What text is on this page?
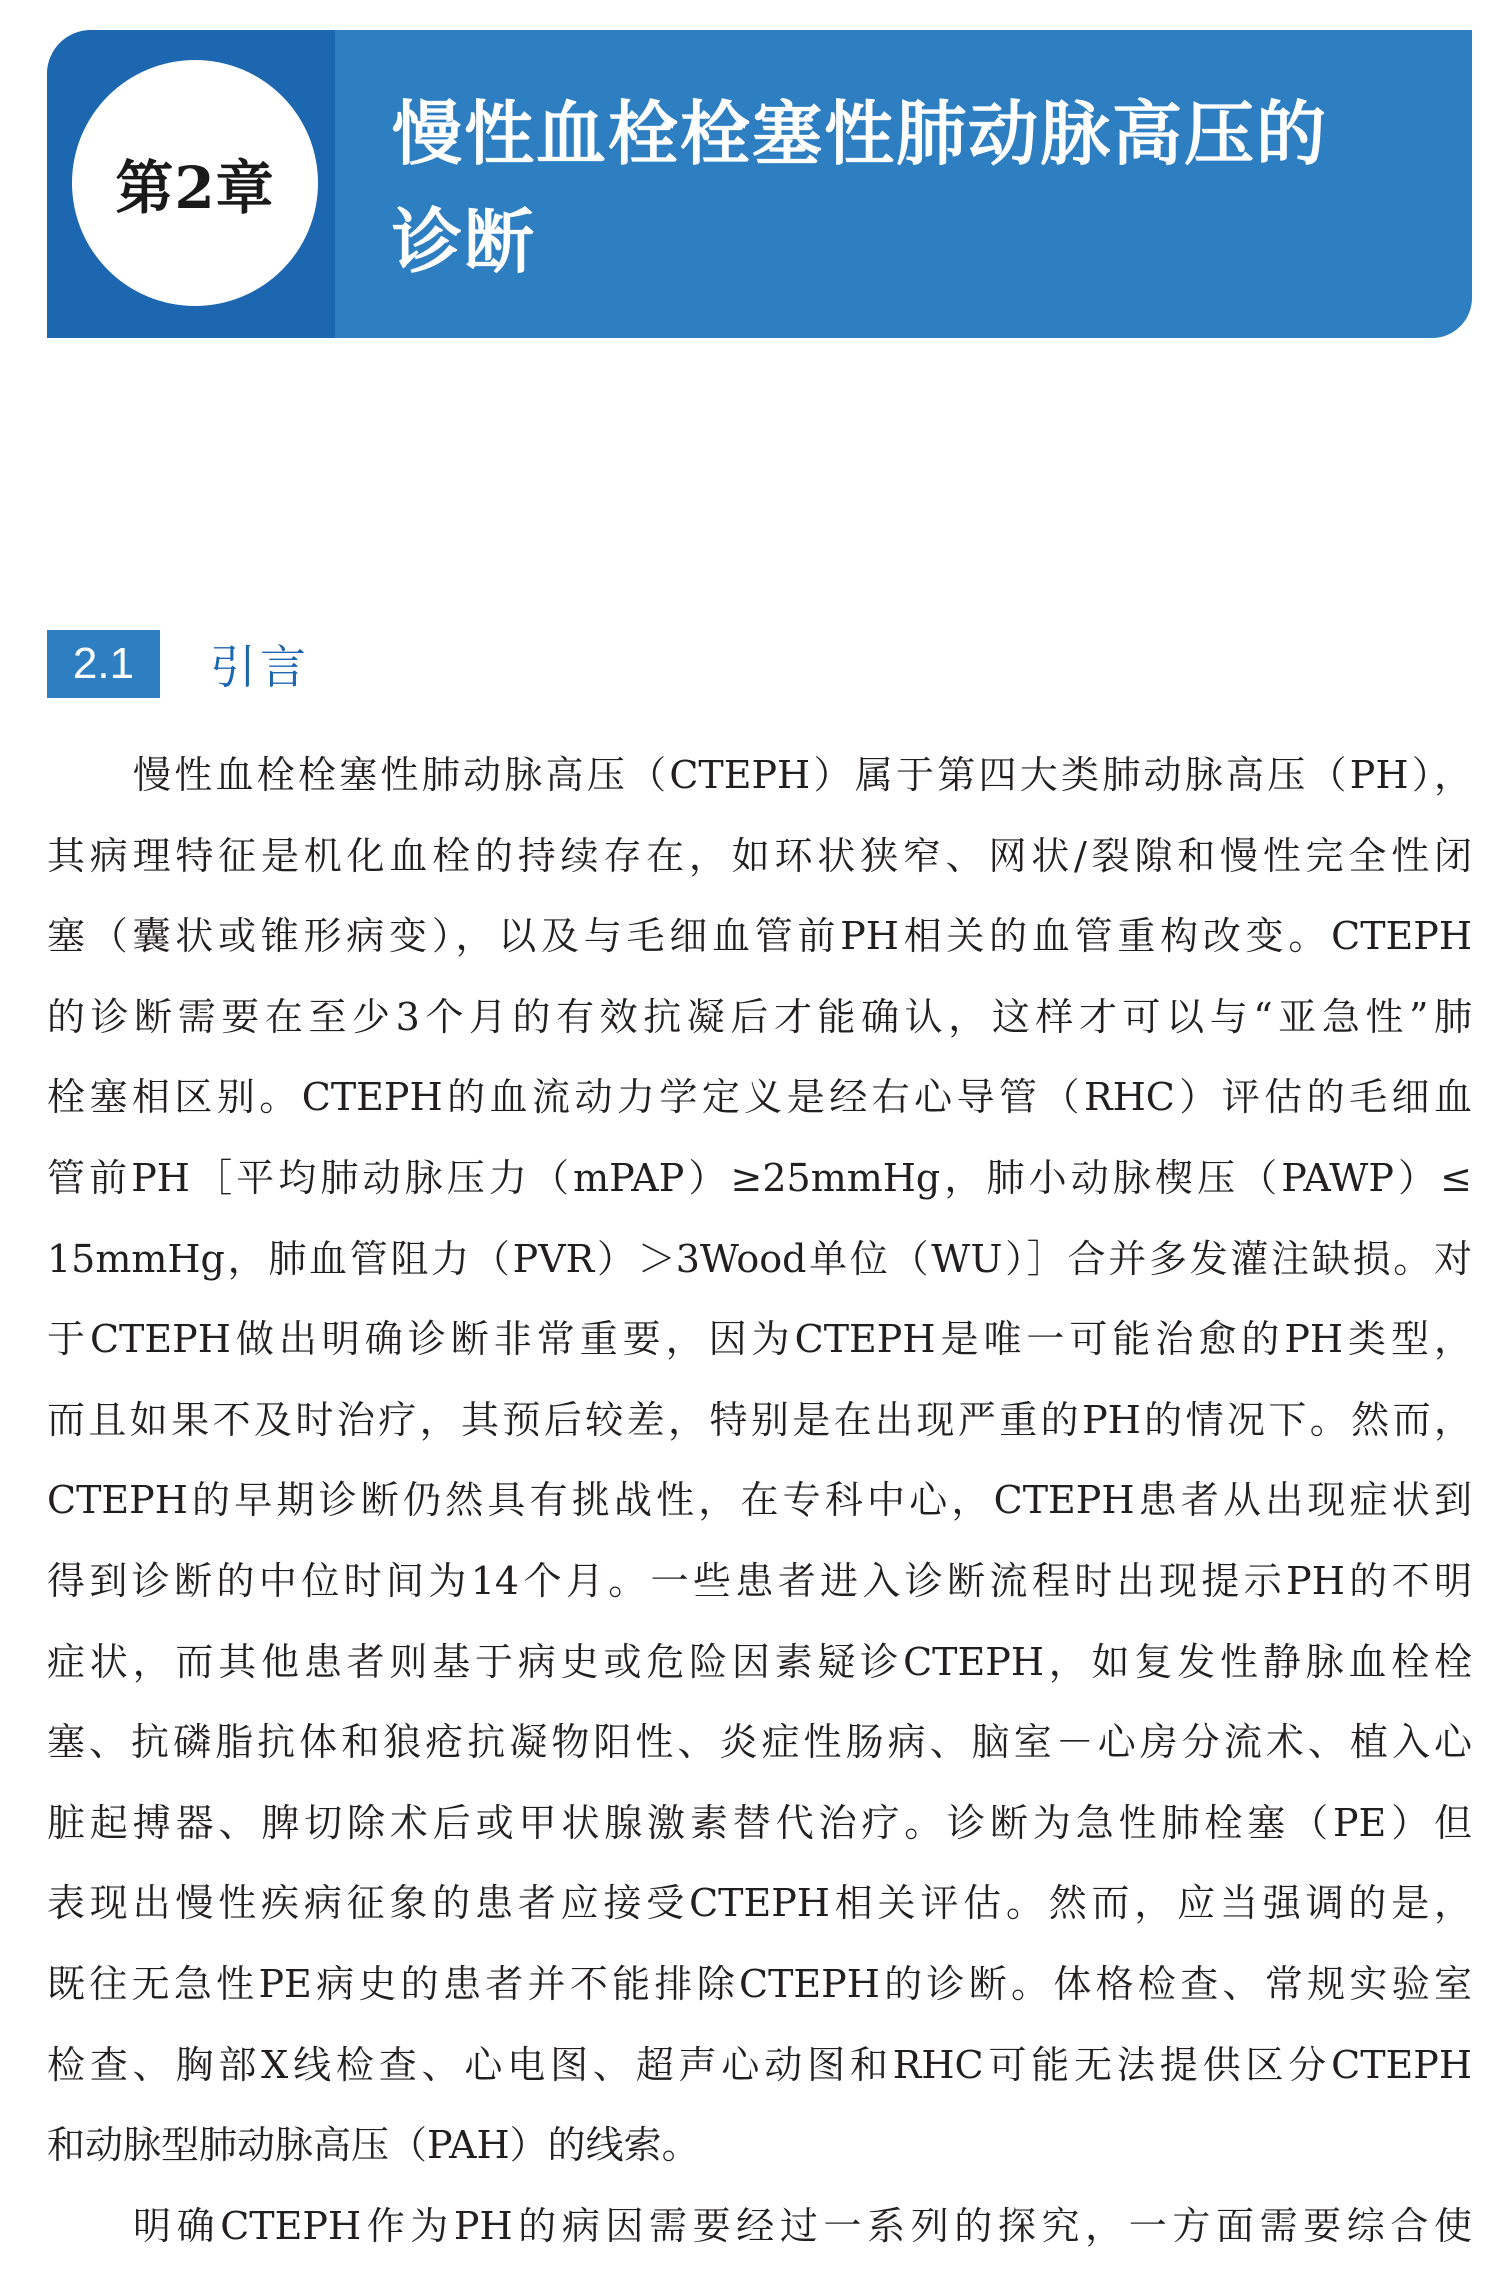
第2章
慢性血栓栓塞性肺动脉高压的
诊断
2.1	引言
慢性血栓栓塞性肺动脉高压（CTEPH）属于第四大类肺动脉高压（PH），
其病理特征是机化血栓的持续存在，如环状狭窄、网状/裂隙和慢性完全性闭
塞（囊状或锥形病变），以及与毛细血管前PH相关的血管重构改变。CTEPH
的诊断需要在至少3个月的有效抗凝后才能确认，这样才可以与“亚急性”肺
栓塞相区别。CTEPH的血流动力学定义是经右心导管（RHC）评估的毛细血
管前PH［平均肺动脉压力（mPAP）≥25mmHg，肺小动脉楔压（PAWP）≤
15mmHg，肺血管阻力（PVR）＞3Wood单位（WU）］合并多发灌注缺损。对
于CTEPH做出明确诊断非常重要，因为CTEPH是唯一可能治愈的PH类型，
而且如果不及时治疗，其预后较差，特别是在出现严重的PH的情况下。然而，
CTEPH的早期诊断仍然具有挑战性，在专科中心，CTEPH患者从出现症状到
得到诊断的中位时间为14个月。一些患者进入诊断流程时出现提示PH的不明
症状，而其他患者则基于病史或危险因素疑诊CTEPH，如复发性静脉血栓栓
塞、抗磷脂抗体和狼疮抗凝物阳性、炎症性肠病、脑室－心房分流术、植入心
脏起搏器、脾切除术后或甲状腺激素替代治疗。诊断为急性肺栓塞（PE）但
表现出慢性疾病征象的患者应接受CTEPH相关评估。然而，应当强调的是，
既往无急性PE病史的患者并不能排除CTEPH的诊断。体格检查、常规实验室
检查、胸部X线检查、心电图、超声心动图和RHC可能无法提供区分CTEPH
和动脉型肺动脉高压（PAH）的线索。
明确CTEPH作为PH的病因需要经过一系列的探究，一方面需要综合使
